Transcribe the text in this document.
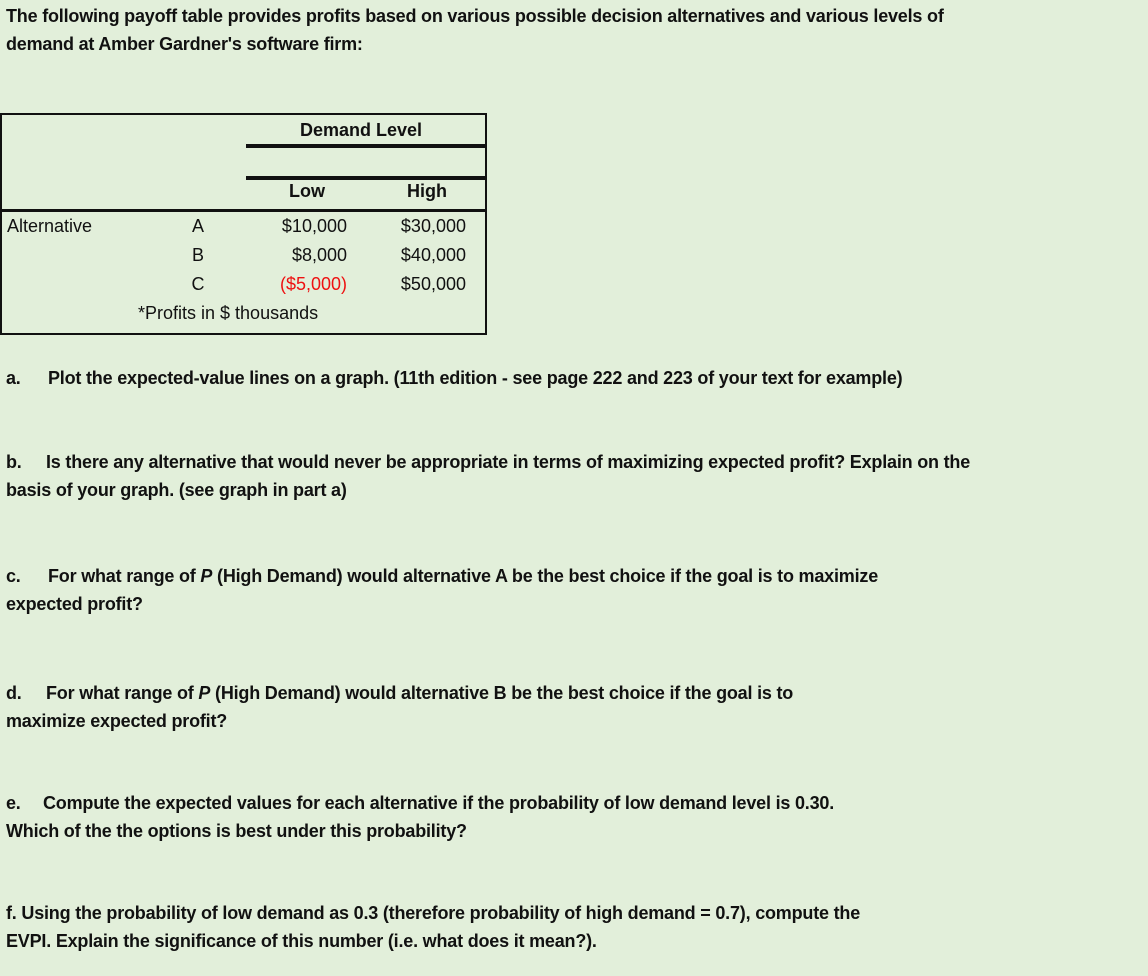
The following payoff table provides profits based on various possible decision alternatives and various levels of
demand at Amber Gardner's software firm:
Demand Level
Low	High
Alternative	A	$10,000	$30,000
B	$8,000	$40,000
C	($5,000)	$50,000
*Profits in $ thousands
a. Plot the expected-value lines on a graph. (11th edition - see page 222 and 223 of your text for example)
b. Is there any alternative that would never be appropriate in terms of maximizing expected profit? Explain on the
basis of your graph. (see graph in part a)
c. For what range of P (High Demand) would alternative A be the best choice if the goal is to maximize
expected profit?
d. For what range of P (High Demand) would alternative B be the best choice if the goal is to
maximize expected profit?
e. Compute the expected values for each alternative if the probability of low demand level is 0.30.
Which of the the options is best under this probability?
f. Using the probability of low demand as 0.3 (therefore probability of high demand = 0.7), compute the
EVPI. Explain the significance of this number (i.e. what does it mean?).
